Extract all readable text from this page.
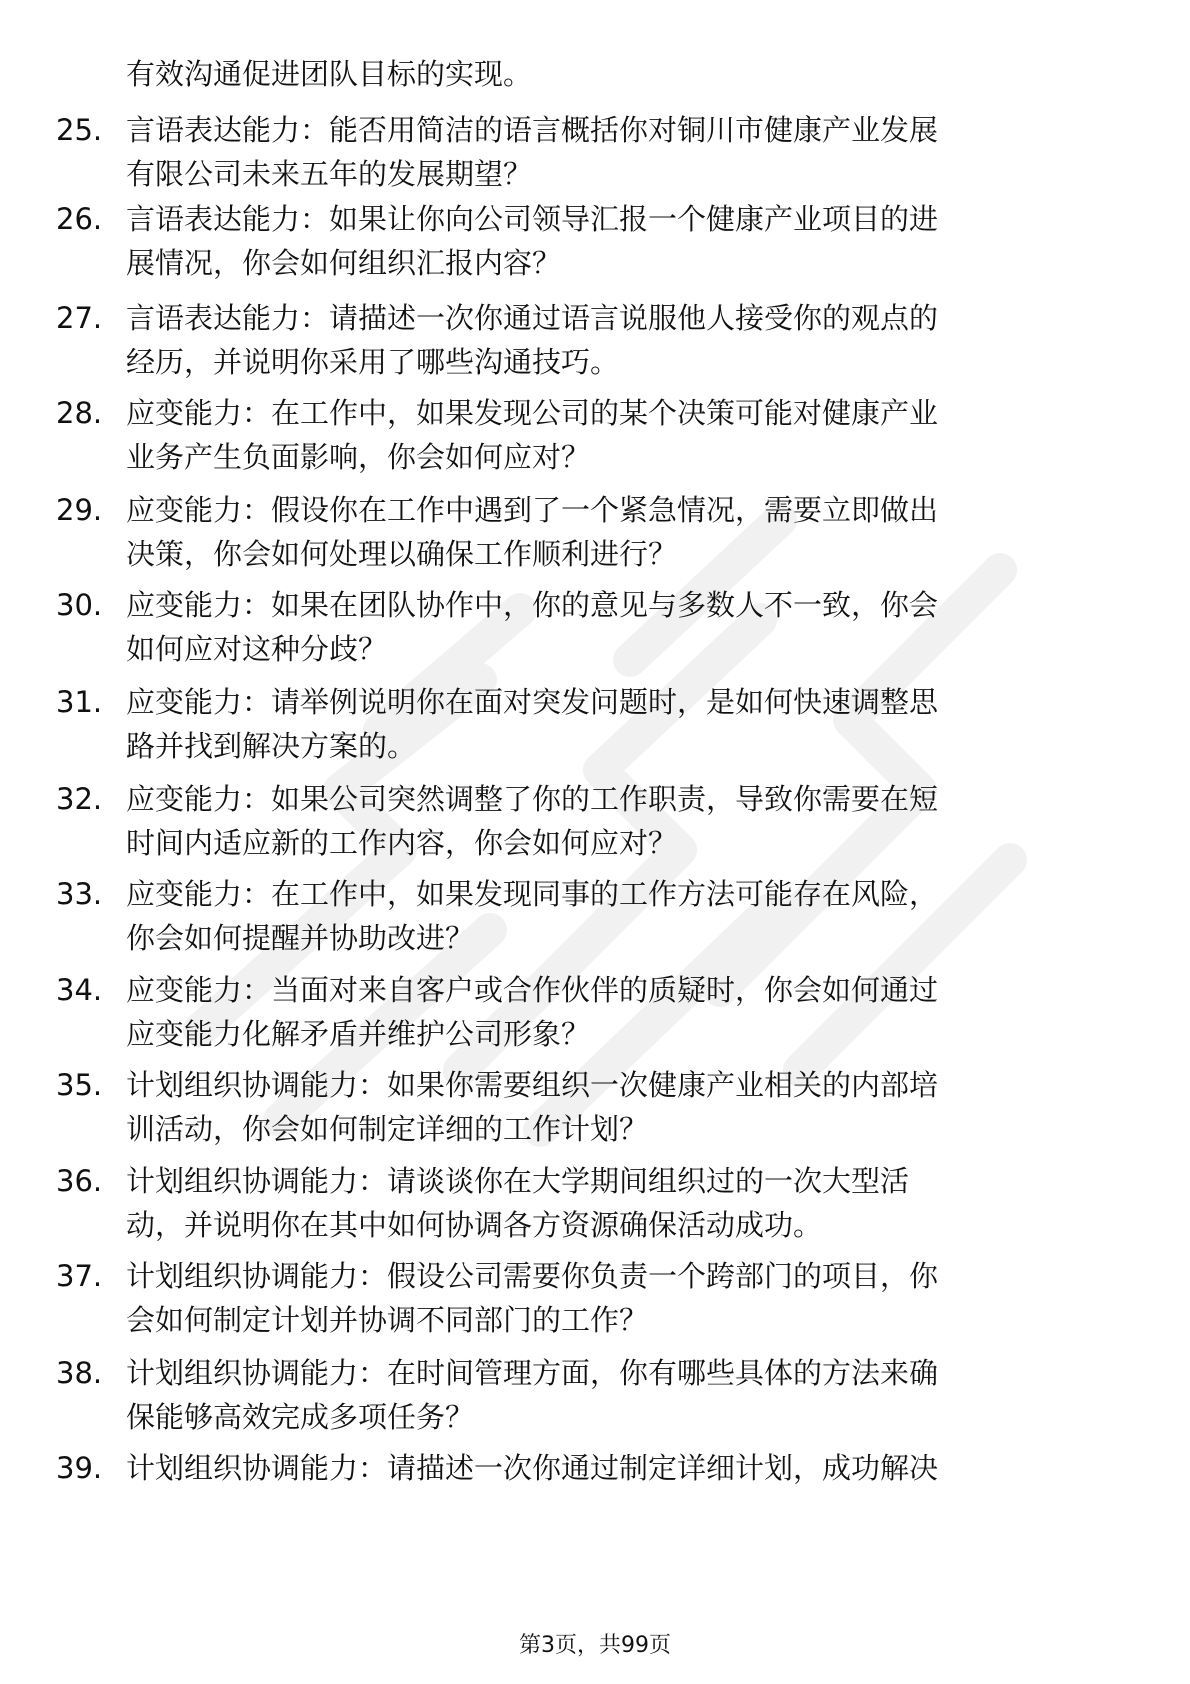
有效沟通促进团队目标的实现。
25. 言语表达能力：能否用简洁的语言概括你对铜川市健康产业发展
有限公司未来五年的发展期望？
26. 言语表达能力：如果让你向公司领导汇报一个健康产业项目的进
展情况，你会如何组织汇报内容？
27. 言语表达能力：请描述一次你通过语言说服他人接受你的观点的
经历，并说明你采用了哪些沟通技巧。
28. 应变能力：在工作中，如果发现公司的某个决策可能对健康产业
业务产生负面影响，你会如何应对？
29. 应变能力：假设你在工作中遇到了一个紧急情况，需要立即做出
决策，你会如何处理以确保工作顺利进行？
30. 应变能力：如果在团队协作中，你的意见与多数人不一致，你会
如何应对这种分歧？
31. 应变能力：请举例说明你在面对突发问题时，是如何快速调整思
路并找到解决方案的。
32. 应变能力：如果公司突然调整了你的工作职责，导致你需要在短
时间内适应新的工作内容，你会如何应对？
33. 应变能力：在工作中，如果发现同事的工作方法可能存在风险，
你会如何提醒并协助改进？
34. 应变能力：当面对来自客户或合作伙伴的质疑时，你会如何通过
应变能力化解矛盾并维护公司形象？
35. 计划组织协调能力：如果你需要组织一次健康产业相关的内部培
训活动，你会如何制定详细的工作计划？
36. 计划组织协调能力：请谈谈你在大学期间组织过的一次大型活
动，并说明你在其中如何协调各方资源确保活动成功。
37. 计划组织协调能力：假设公司需要你负责一个跨部门的项目，你
会如何制定计划并协调不同部门的工作？
38. 计划组织协调能力：在时间管理方面，你有哪些具体的方法来确
保能够高效完成多项任务？
39. 计划组织协调能力：请描述一次你通过制定详细计划，成功解决
第3页，共99页
